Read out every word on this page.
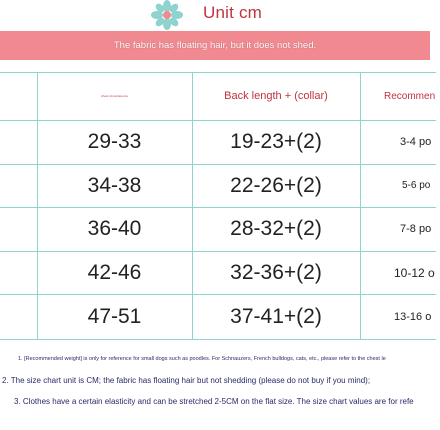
Unit cm
The fabric has floating hair, but it does not shed.
chest circumference	Back length + (collar)	Recommen
29-33	19-23+(2)	3-4 po
34-38	22-26+(2)	5-6 po
36-40	28-32+(2)	7-8 po
42-46	32-36+(2)	10-12 o
47-51	37-41+(2)	13-16 o
1. [Recommended weight] is only for reference for small dogs such as poodles. For Schnauzers, French bulldogs, cats, etc., please refer to the chest le
2. The size chart unit is CM; the fabric has floating hair but not shedding (please do not buy if you mind);
3. Clothes have a certain elasticity and can be stretched 2-5CM on the flat size. The size chart values are for refe
